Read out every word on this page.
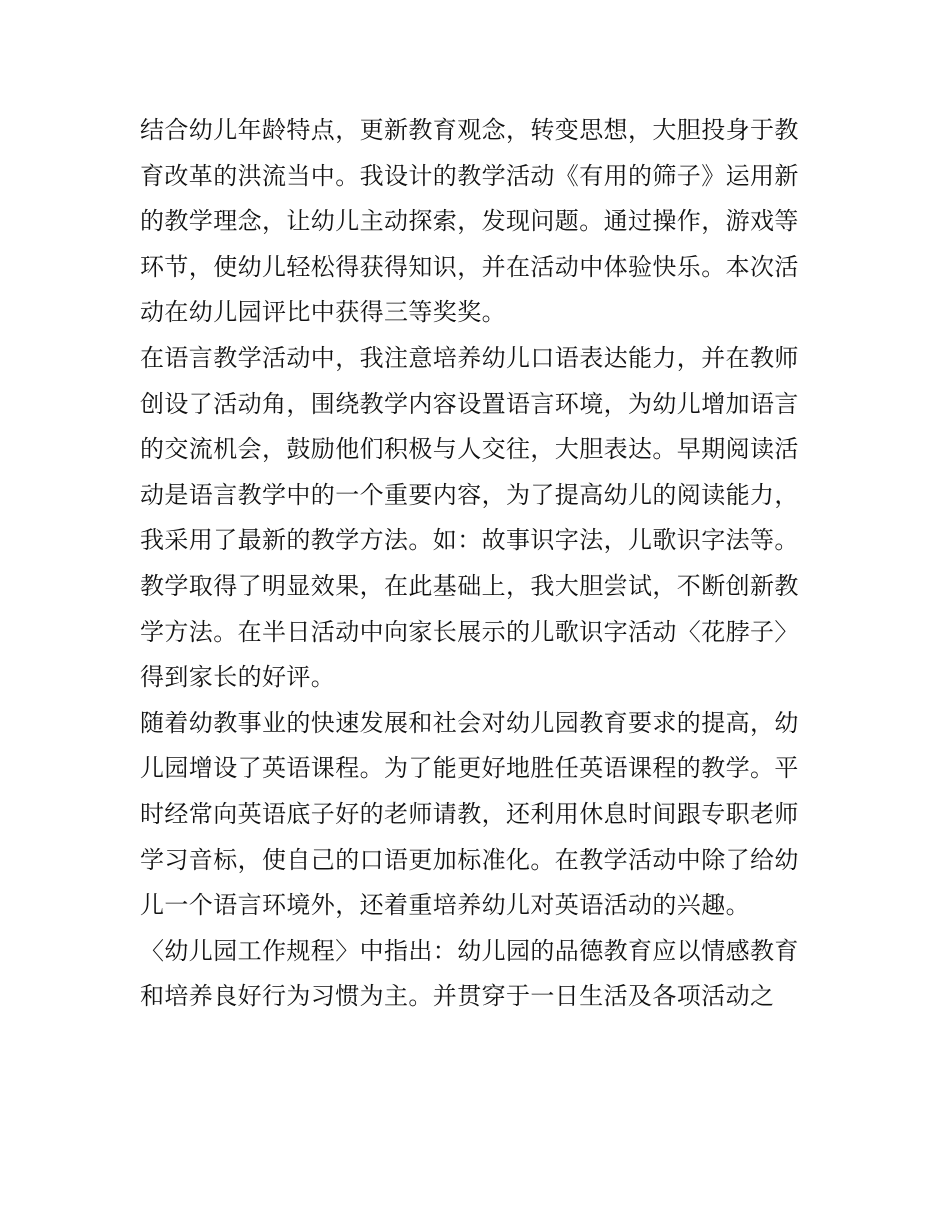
结合幼儿年龄特点，更新教育观念，转变思想，大胆投身于教
育改革的洪流当中。我设计的教学活动《有用的筛子》运用新
的教学理念，让幼儿主动探索，发现问题。通过操作，游戏等
环节，使幼儿轻松得获得知识，并在活动中体验快乐。本次活
动在幼儿园评比中获得三等奖奖。
在语言教学活动中，我注意培养幼儿口语表达能力，并在教师
创设了活动角，围绕教学内容设置语言环境，为幼儿增加语言
的交流机会，鼓励他们积极与人交往，大胆表达。早期阅读活
动是语言教学中的一个重要内容，为了提高幼儿的阅读能力，
我采用了最新的教学方法。如：故事识字法，儿歌识字法等。
教学取得了明显效果，在此基础上，我大胆尝试，不断创新教
学方法。在半日活动中向家长展示的儿歌识字活动〈花脖子〉
得到家长的好评。
随着幼教事业的快速发展和社会对幼儿园教育要求的提高，幼
儿园增设了英语课程。为了能更好地胜任英语课程的教学。平
时经常向英语底子好的老师请教，还利用休息时间跟专职老师
学习音标，使自己的口语更加标准化。在教学活动中除了给幼
儿一个语言环境外，还着重培养幼儿对英语活动的兴趣。
〈幼儿园工作规程〉中指出：幼儿园的品德教育应以情感教育
和培养良好行为习惯为主。并贯穿于一日生活及各项活动之
